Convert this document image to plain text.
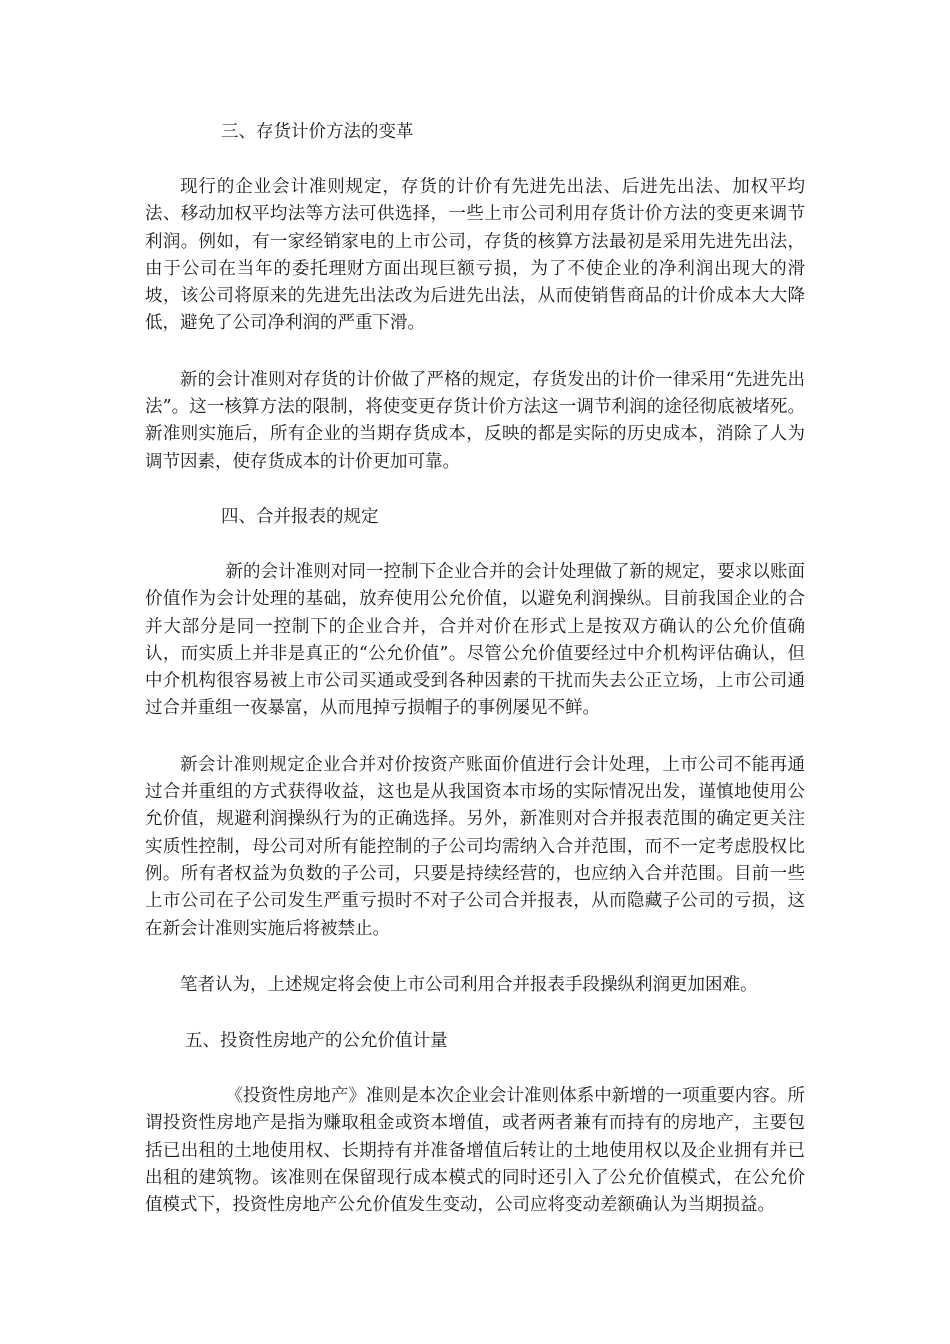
三、存货计价方法的变革

现行的企业会计准则规定，存货的计价有先进先出法、后进先出法、加权平均法、移动加权平均法等方法可供选择，一些上市公司利用存货计价方法的变更来调节利润。例如，有一家经销家电的上市公司，存货的核算方法最初是采用先进先出法，由于公司在当年的委托理财方面出现巨额亏损，为了不使企业的净利润出现大的滑坡，该公司将原来的先进先出法改为后进先出法，从而使销售商品的计价成本大大降低，避免了公司净利润的严重下滑。

新的会计准则对存货的计价做了严格的规定，存货发出的计价一律采用“先进先出法”。这一核算方法的限制，将使变更存货计价方法这一调节利润的途径彻底被堵死。新准则实施后，所有企业的当期存货成本，反映的都是实际的历史成本，消除了人为调节因素，使存货成本的计价更加可靠。

四、合并报表的规定

新的会计准则对同一控制下企业合并的会计处理做了新的规定，要求以账面价值作为会计处理的基础，放弃使用公允价值，以避免利润操纵。目前我国企业的合并大部分是同一控制下的企业合并，合并对价在形式上是按双方确认的公允价值确认，而实质上并非是真正的“公允价值”。尽管公允价值要经过中介机构评估确认，但中介机构很容易被上市公司买通或受到各种因素的干扰而失去公正立场，上市公司通过合并重组一夜暴富，从而甩掉亏损帽子的事例屡见不鲜。

新会计准则规定企业合并对价按资产账面价值进行会计处理，上市公司不能再通过合并重组的方式获得收益，这也是从我国资本市场的实际情况出发，谨慎地使用公允价值，规避利润操纵行为的正确选择。另外，新准则对合并报表范围的确定更关注实质性控制，母公司对所有能控制的子公司均需纳入合并范围，而不一定考虑股权比例。所有者权益为负数的子公司，只要是持续经营的，也应纳入合并范围。目前一些上市公司在子公司发生严重亏损时不对子公司合并报表，从而隐藏子公司的亏损，这在新会计准则实施后将被禁止。

笔者认为，上述规定将会使上市公司利用合并报表手段操纵利润更加困难。

五、投资性房地产的公允价值计量

《投资性房地产》准则是本次企业会计准则体系中新增的一项重要内容。所谓投资性房地产是指为赚取租金或资本增值，或者两者兼有而持有的房地产，主要包括已出租的土地使用权、长期持有并准备增值后转让的土地使用权以及企业拥有并已出租的建筑物。该准则在保留现行成本模式的同时还引入了公允价值模式，在公允价值模式下，投资性房地产公允价值发生变动，公司应将变动差额确认为当期损益。
